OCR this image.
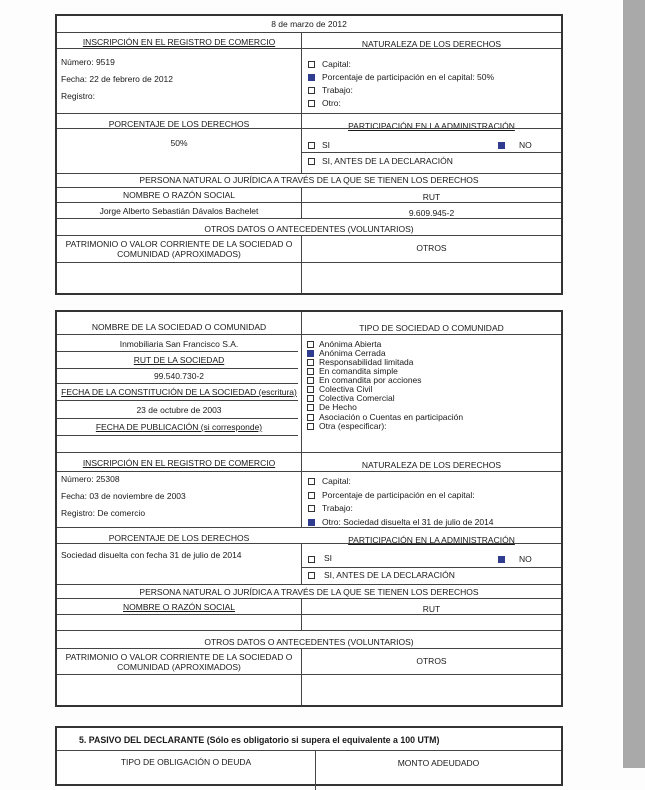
8 de marzo de 2012
INSCRIPCIÓN EN EL REGISTRO DE COMERCIO	NATURALEZA DE LOS DERECHOS
Número: 9519
Fecha: 22 de febrero de 2012
Registro:
Capital:
Porcentaje de participación en el capital: 50%
Trabajo:
Otro:
PORCENTAJE DE LOS DERECHOS	PARTICIPACIÓN EN LA ADMINISTRACIÓN
50%	SI	NO
SI, ANTES DE LA DECLARACIÓN
PERSONA NATURAL O JURÍDICA A TRAVÉS DE LA QUE SE TIENEN LOS DERECHOS
NOMBRE O RAZÓN SOCIAL	RUT
Jorge Alberto Sebastián Dávalos Bachelet	9.609.945-2
OTROS DATOS O ANTECEDENTES (VOLUNTARIOS)
PATRIMONIO O VALOR CORRIENTE DE LA SOCIEDAD O COMUNIDAD (APROXIMADOS)
OTROS
NOMBRE DE LA SOCIEDAD O COMUNIDAD	TIPO DE SOCIEDAD O COMUNIDAD
Inmobiliaria San Francisco S.A.
RUT DE LA SOCIEDAD
99.540.730-2
FECHA DE LA CONSTITUCIÓN DE LA SOCIEDAD (escritura)
23 de octubre de 2003
FECHA DE PUBLICACIÓN (si corresponde)
Anónima Abierta
Anónima Cerrada
Responsabilidad limitada
En comandita simple
En comandita por acciones
Colectiva Civil
Colectiva Comercial
De Hecho
Asociación o Cuentas en participación
Otra (especificar):
INSCRIPCIÓN EN EL REGISTRO DE COMERCIO	NATURALEZA DE LOS DERECHOS
Número: 25308
Fecha: 03 de noviembre de 2003
Registro: De comercio
Capital:
Porcentaje de participación en el capital:
Trabajo:
Otro: Sociedad disuelta el 31 de julio de 2014
PORCENTAJE DE LOS DERECHOS	PARTICIPACIÓN EN LA ADMINISTRACIÓN
Sociedad disuelta con fecha 31 de julio de 2014	SI	NO
SI, ANTES DE LA DECLARACIÓN
PERSONA NATURAL O JURÍDICA A TRAVÉS DE LA QUE SE TIENEN LOS DERECHOS
NOMBRE O RAZÓN SOCIAL	RUT
OTROS DATOS O ANTECEDENTES (VOLUNTARIOS)
PATRIMONIO O VALOR CORRIENTE DE LA SOCIEDAD O COMUNIDAD (APROXIMADOS)
OTROS
5. PASIVO DEL DECLARANTE (Sólo es obligatorio si supera el equivalente a 100 UTM)
TIPO DE OBLIGACIÓN O DEUDA	MONTO ADEUDADO
